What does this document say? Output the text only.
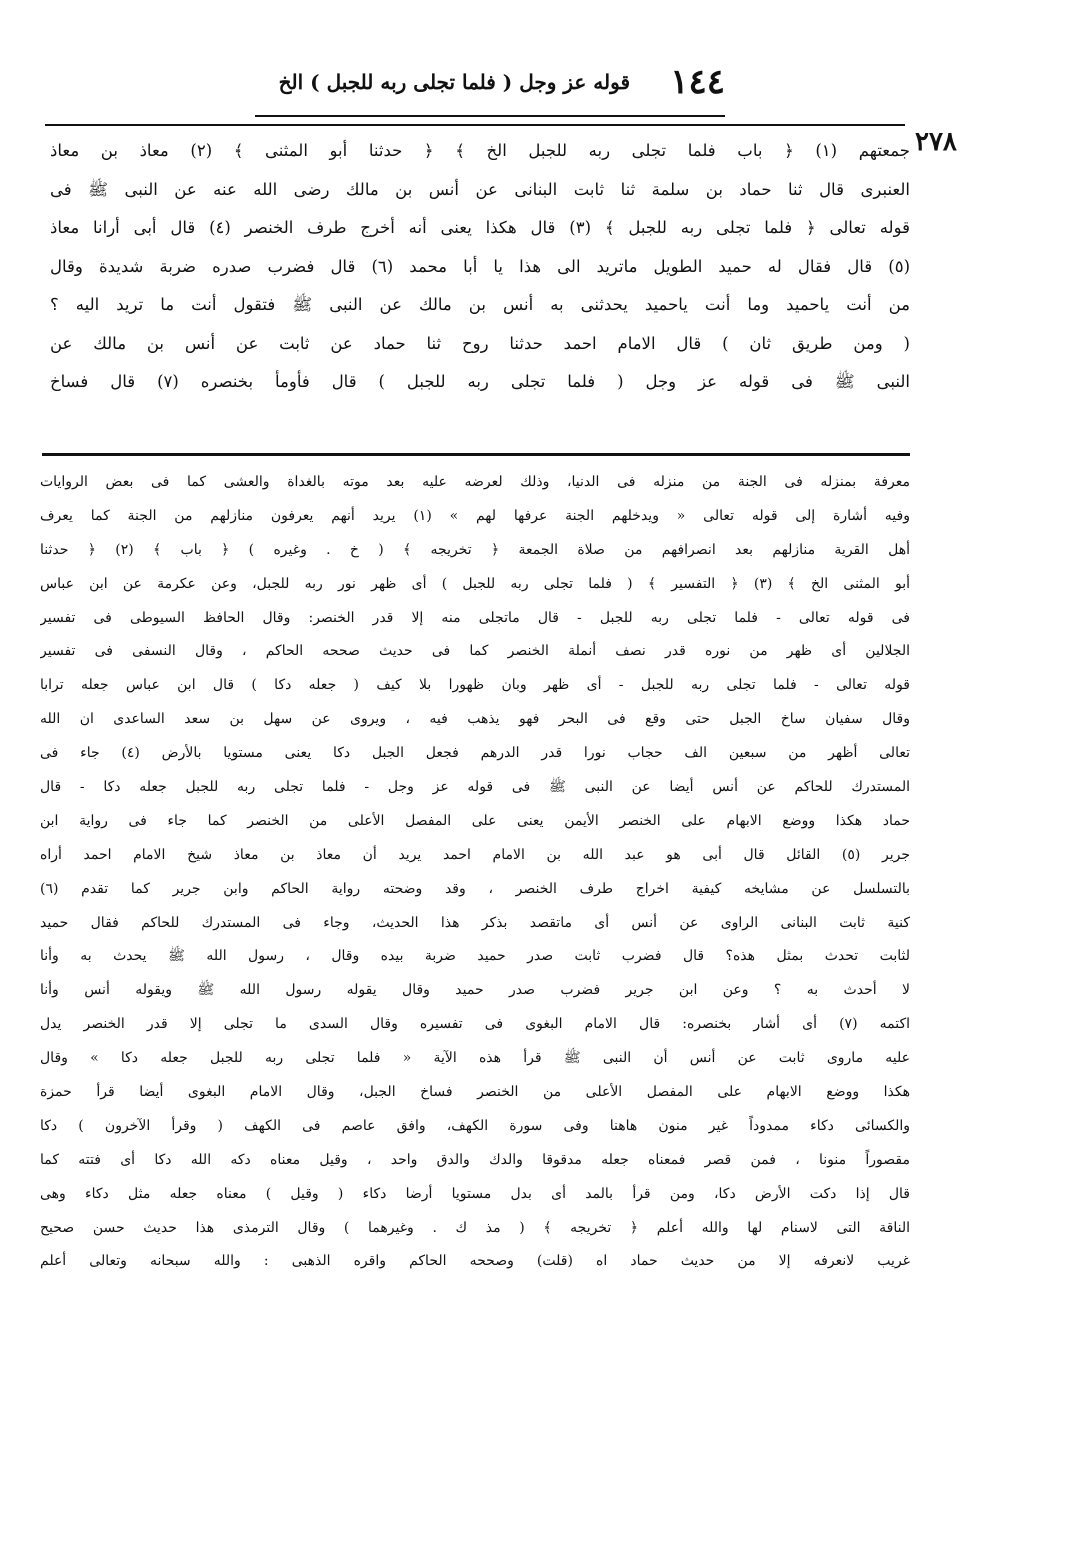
١٤٤
قوله عز وجل ( فلما تجلى ربه للجبل ) الخ
٢٧٨
جمعتهم (١) ﴿ باب فلما تجلى ربه للجبل الخ ﴾ ﴿ حدثنا أبو المثنى ﴾ (٢) معاذ بن معاذ
العنبرى قال ثنا حماد بن سلمة ثنا ثابت البنانى عن أنس بن مالك رضى الله عنه عن النبى ﷺ فى
قوله تعالى ﴿ فلما تجلى ربه للجبل ﴾ (٣) قال هكذا يعنى أنه أخرج طرف الخنصر (٤) قال أبى أرانا معاذ
(٥) قال فقال له حميد الطويل ماتريد الى هذا يا أبا محمد (٦) قال فضرب صدره ضربة شديدة وقال
من أنت ياحميد وما أنت ياحميد يحدثنى به أنس بن مالك عن النبى ﷺ فتقول أنت ما تريد اليه ؟
( ومن طريق ثان ) قال الامام احمد حدثنا روح ثنا حماد عن ثابت عن أنس بن مالك عن
النبى ﷺ فى قوله عز وجل ( فلما تجلى ربه للجبل ) قال فأومأ بخنصره (٧) قال فساخ
معرفة بمنزله فى الجنة من منزله فى الدنيا، وذلك لعرضه عليه بعد موته بالغداة والعشى كما فى بعض الروايات
وفيه أشارة إلى قوله تعالى « ويدخلهم الجنة عرفها لهم » (١) يريد أنهم يعرفون منازلهم من الجنة كما يعرف
أهل القرية منازلهم بعد انصرافهم من صلاة الجمعة ﴿ تخريجه ﴾ ( خ . وغيره ) ﴿ باب ﴾ (٢) ﴿ حدثنا
أبو المثنى الخ ﴾ (٣) ﴿ التفسير ﴾ ( فلما تجلى ربه للجبل ) أى ظهر نور ربه للجبل، وعن عكرمة عن ابن عباس
فى قوله تعالى - فلما تجلى ربه للجبل - قال ماتجلى منه إلا قدر الخنصر: وقال الحافظ السيوطى فى تفسير
الجلالين أى ظهر من نوره قدر نصف أنملة الخنصر كما فى حديث صححه الحاكم ، وقال النسفى فى تفسير
قوله تعالى - فلما تجلى ربه للجبل - أى ظهر وبان ظهورا بلا كيف ( جعله دكا ) قال ابن عباس جعله ترابا
وقال سفيان ساخ الجبل حتى وقع فى البحر فهو يذهب فيه ، ويروى عن سهل بن سعد الساعدى ان الله
تعالى أظهر من سبعين الف حجاب نورا قدر الدرهم فجعل الجبل دكا يعنى مستويا بالأرض (٤) جاء فى
المستدرك للحاكم عن أنس أيضا عن النبى ﷺ فى قوله عز وجل - فلما تجلى ربه للجبل جعله دكا - قال
حماد هكذا ووضع الابهام على الخنصر الأيمن يعنى على المفصل الأعلى من الخنصر كما جاء فى رواية ابن
جرير (٥) القائل قال أبى هو عبد الله بن الامام احمد يريد أن معاذ بن معاذ شيخ الامام احمد أراه
بالتسلسل عن مشايخه كيفية اخراج طرف الخنصر ، وقد وضحته رواية الحاكم وابن جرير كما تقدم (٦)
كنية ثابت البنانى الراوى عن أنس أى ماتقصد بذكر هذا الحديث، وجاء فى المستدرك للحاكم فقال حميد
لثابت تحدث بمثل هذه؟ قال فضرب ثابت صدر حميد ضربة بيده وقال ، رسول الله ﷺ يحدث به وأنا
لا أحدث به ؟ وعن ابن جرير فضرب صدر حميد وقال يقوله رسول الله ﷺ ويقوله أنس وأنا
اكتمه (٧) أى أشار بخنصره: قال الامام البغوى فى تفسيره وقال السدى ما تجلى إلا قدر الخنصر يدل
عليه ماروى ثابت عن أنس أن النبى ﷺ قرأ هذه الآية « فلما تجلى ربه للجبل جعله دكا » وقال
هكذا ووضع الابهام على المفصل الأعلى من الخنصر فساخ الجبل، وقال الامام البغوى أيضا قرأ حمزة
والكسائى دكاء ممدوداً غير منون هاهنا وفى سورة الكهف، وافق عاصم فى الكهف ( وقرأ الآخرون ) دكا
مقصوراً منونا ، فمن قصر فمعناه جعله مدقوقا والدك والدق واحد ، وقيل معناه دكه الله دكا أى فتته كما
قال إذا دكت الأرض دكا، ومن قرأ بالمد أى بدل مستويا أرضا دكاء ( وقيل ) معناه جعله مثل دكاء وهى
الناقة التى لاسنام لها والله أعلم ﴿ تخريجه ﴾ ( مذ ك . وغيرهما ) وقال الترمذى هذا حديث حسن صحيح
غريب لانعرفه إلا من حديث حماد اه (قلت) وصححه الحاكم واقره الذهبى : والله سبحانه وتعالى أعلم
